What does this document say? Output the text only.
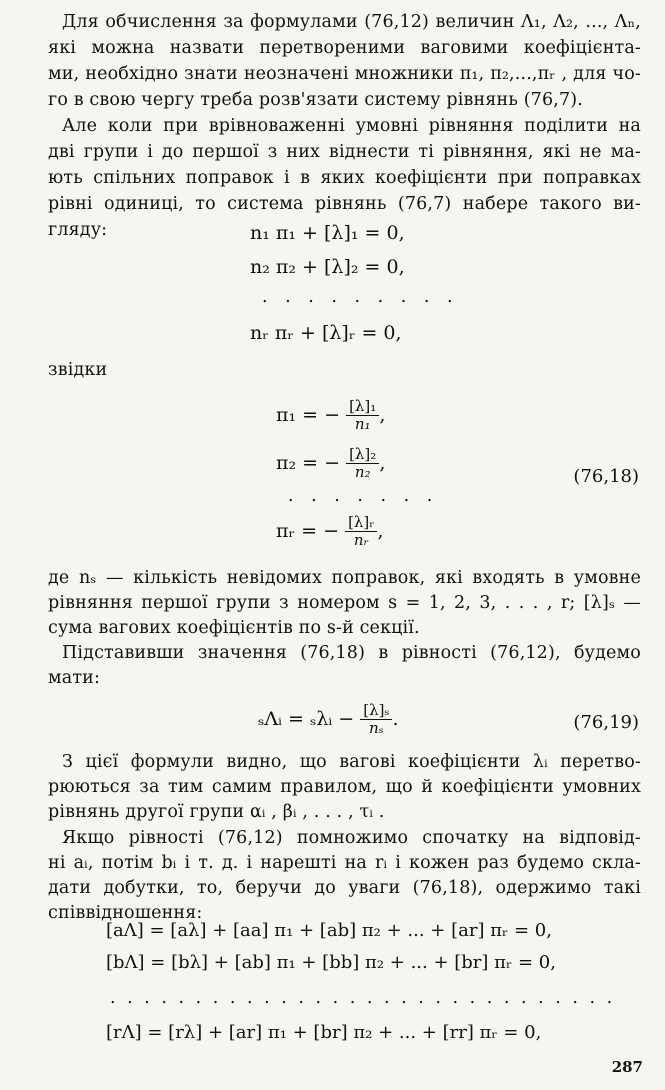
Для обчислення за формулами (76,12) величин Λ₁, Λ₂, ..., Λₙ,
які можна назвати перетвореними ваговими коефіцієнта-
ми, необхідно знати неозначені множники π₁, π₂,...,πᵣ , для чо-
го в свою чергу треба розв'язати систему рівнянь (76,7).
Але коли при врівноваженні умовні рівняння поділити на
дві групи і до першої з них віднести ті рівняння, які не ма-
ють спільних поправок і в яких коефіцієнти при поправках
рівні одиниці, то система рівнянь (76,7) набере такого ви-
гляду:	n₁ π₁ + [λ]₁ = 0,
n₂ π₂ + [λ]₂ = 0,
. . . . . . . . .
nᵣ πᵣ + [λ]ᵣ = 0,
звідки
π₁ = − $\frac{\text{[λ]₁}}{\text{n₁}}$ ,
π₂ = − $\frac{\text{[λ]₂}}{\text{n₂}}$ ,
(76,18)
. . . . . . .
πᵣ = − $\frac{\text{[λ]ᵣ}}{\text{nᵣ}}$ ,
де nₛ — кількість невідомих поправок, які входять в умовне
рівняння першої групи з номером s = 1, 2, 3, . . . , r; [λ]ₛ —
сума вагових коефіцієнтів по s-й секції.
Підставивши значення (76,18) в рівності (76,12), будемо
мати:
ₛΛᵢ = ₛλᵢ − $\frac{\text{[λ]ₛ}}{\text{nₛ}}$ .	(76,19)
З цієї формули видно, що вагові коефіцієнти λᵢ перетво-
рюються за тим самим правилом, що й коефіцієнти умовних
рівнянь другої групи αᵢ , βᵢ , . . . , τᵢ .
Якщо рівності (76,12) помножимо спочатку на відповід-
ні aᵢ, потім bᵢ і т. д. і нарешті на rᵢ і кожен раз будемо скла-
дати добутки, то, беручи до уваги (76,18), одержимо такі
співвідношення:
[aΛ] = [aλ] + [aa] π₁ + [ab] π₂ + ... + [ar] πᵣ = 0,
[bΛ] = [bλ] + [ab] π₁ + [bb] π₂ + ... + [br] πᵣ = 0,
. . . . . . . . . . . . . . . . . . . . . . . . . . . . . .
[rΛ] = [rλ] + [ar] π₁ + [br] π₂ + ... + [rr] πᵣ = 0,
287
